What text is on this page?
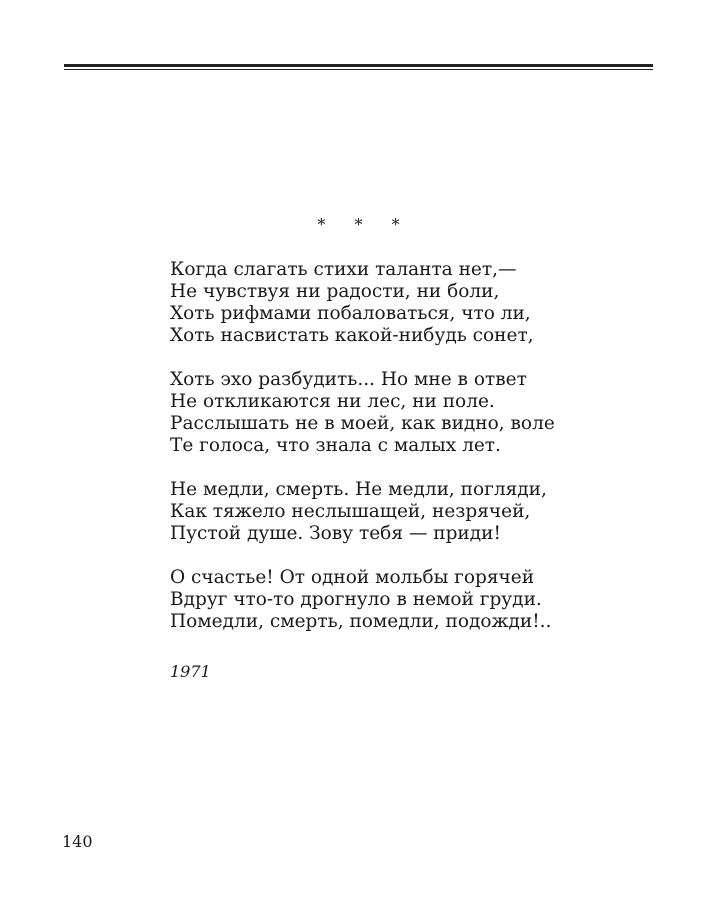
* * *
Когда слагать стихи таланта нет,—
Не чувствуя ни радости, ни боли,
Хоть рифмами побаловаться, что ли,
Хоть насвистать какой-нибудь сонет,
Хоть эхо разбудить... Но мне в ответ
Не откликаются ни лес, ни поле.
Расслышать не в моей, как видно, воле
Те голоса, что знала с малых лет.
Не медли, смерть. Не медли, погляди,
Как тяжело неслышащей, незрячей,
Пустой душе. Зову тебя — приди!
О счастье! От одной мольбы горячей
Вдруг что-то дрогнуло в немой груди.
Помедли, смерть, помедли, подожди!..
1971
140
